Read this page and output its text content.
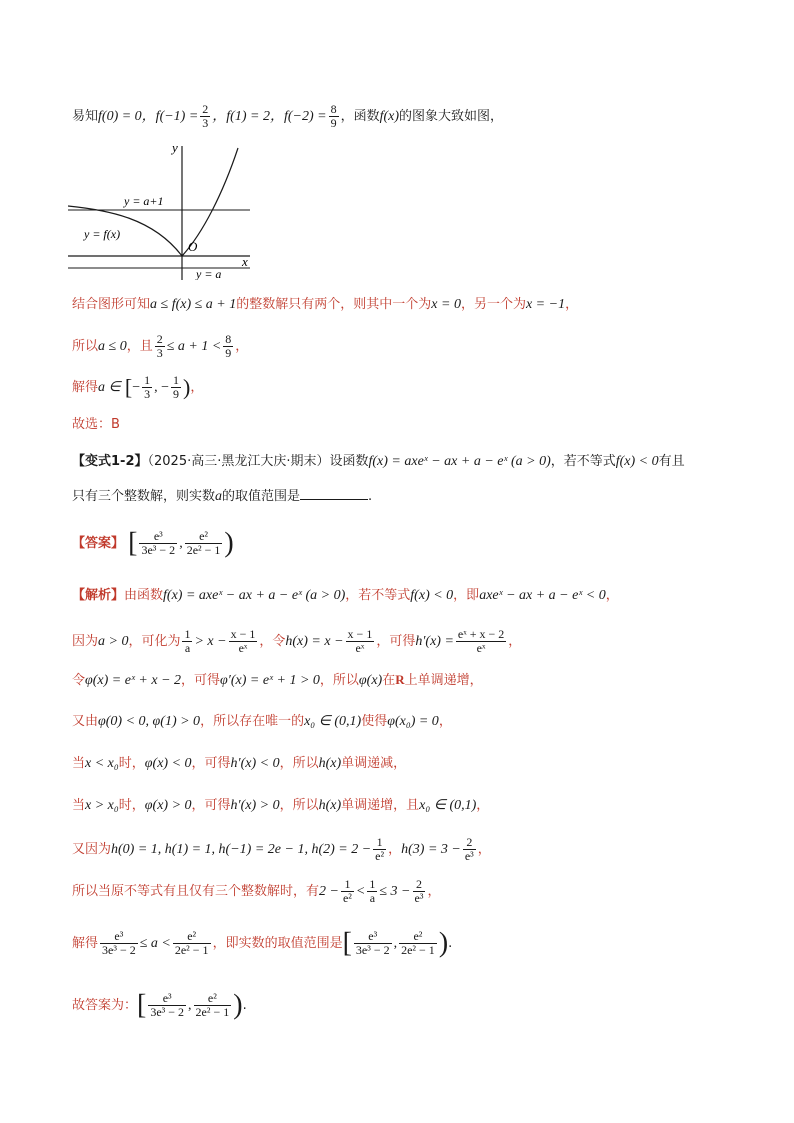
易知f(0) = 0，$f(-1) = \frac{2}{3}$ ，f(1) = 2，$f(-2) = \frac{8}{9}$ ，函数f(x)的图象大致如图，
y
x
O
y = a+1
y = a
y = f(x)
结合图形可知a ≤ f(x) ≤ a + 1的整数解只有两个，则其中一个为x = 0，另一个为x = −1，
所以a ≤ 0，且 $\frac{2}{3} \le a + 1 < \frac{8}{9}$ ，
解得a ∈ [− $\frac{1}{3}$ , − $\frac{1}{9}$ )，
故选：B
【变式1-2】（2025·高三·黑龙江大庆·期末）设函数f(x) = axeˣ − ax + a − eˣ (a > 0)，若不等式f(x) < 0有且
只有三个整数解，则实数a的取值范围是	.
【答案】 [ $\frac{\text{e³}}{\text{3e³ − 2}}$ , $\frac{\text{e²}}{\text{2e² − 1}}$ )
【解析】由函数f(x) = axeˣ − ax + a − eˣ (a > 0)，若不等式f(x) < 0，即axeˣ − ax + a − eˣ < 0，
因为a > 0，可化为 $\frac{1}{a} > x - \frac{x - 1}{\text{eˣ}}$ ，令$h(x) = x - \frac{x - 1}{\text{eˣ}}$ ，可得$h'(x) = \frac{\text{eˣ + x − 2}}{\text{eˣ}}$ ，
令φ(x) = eˣ + x − 2，可得φ′(x) = eˣ + 1 > 0，所以φ(x)在R上单调递增，
又由φ(0) < 0, φ(1) > 0，所以存在唯一的x₀ ∈ (0,1)使得φ(x₀) = 0，
当x < x₀时，φ(x) < 0，可得h′(x) < 0，所以h(x)单调递减，
当x > x₀时，φ(x) > 0，可得h′(x) > 0，所以h(x)单调递增，且x₀ ∈ (0,1)，
又因为h(0) = 1, h(1) = 1, h(−1) = 2e − 1, $h(2) = 2 - \frac{1}{\text{e²}}$ ，$h(3) = 3 - \frac{2}{\text{e³}}$ ，
所以当原不等式有且仅有三个整数解时，有$2 - \frac{1}{\text{e²}} < \frac{1}{a} \le 3 - \frac{2}{\text{e³}}$ ，
解得 $\frac{\text{e³}}{\text{3e³ − 2}} \le a < \frac{\text{e²}}{\text{2e² − 1}}$ ，即实数的取值范围是[ $\frac{\text{e³}}{\text{3e³ − 2}}$ , $\frac{\text{e²}}{\text{2e² − 1}}$ ).
故答案为：[ $\frac{\text{e³}}{\text{3e³ − 2}}$ , $\frac{\text{e²}}{\text{2e² − 1}}$ ).
